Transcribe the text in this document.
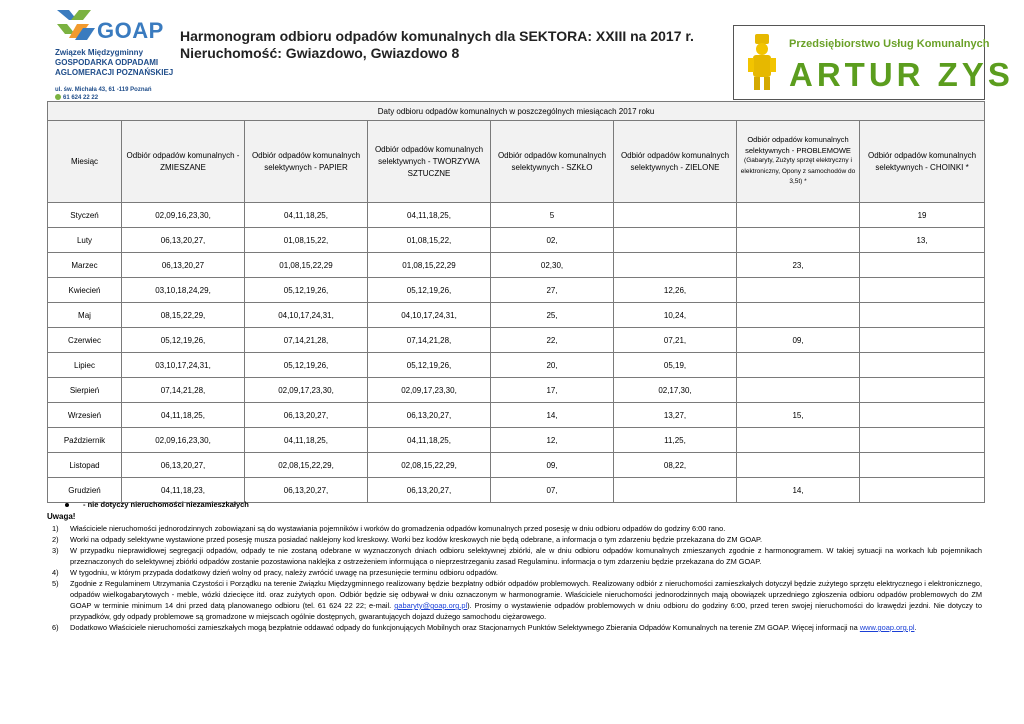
GOAP
Związek Międzygminny
GOSPODARKA ODPADAMI
AGLOMERACJI POZNAŃSKIEJ
ul. św. Michała 43, 61 -119 Poznań
61 624 22 22
Harmonogram odbioru odpadów komunalnych dla SEKTORA: XXIII na 2017 r.
Nieruchomość: Gwiazdowo, Gwiazdowo 8
Przedsiębiorstwo Usług Komunalnych
ARTUR ZYS
Daty odbioru odpadów komunalnych w poszczególnych miesiącach 2017 roku							
Miesiąc	Odbiór odpadów komunalnych - ZMIESZANE	Odbiór odpadów komunalnych selektywnych - PAPIER	Odbiór odpadów komunalnych selektywnych - TWORZYWA SZTUCZNE	Odbiór odpadów komunalnych selektywnych - SZKŁO	Odbiór odpadów komunalnych selektywnych - ZIELONE	Odbiór odpadów komunalnych selektywnych - PROBLEMOWE
(Gabaryty, Zużyty sprzęt elektryczny i elektroniczny, Opony z samochodów do 3,5t) *	Odbiór odpadów komunalnych selektywnych - CHOINKI *
Styczeń	02,09,16,23,30,	04,11,18,25,	04,11,18,25,	5			19
Luty	06,13,20,27,	01,08,15,22,	01,08,15,22,	02,			13,
Marzec	06,13,20,27	01,08,15,22,29	01,08,15,22,29	02,30,		23,	
Kwiecień	03,10,18,24,29,	05,12,19,26,	05,12,19,26,	27,	12,26,		
Maj	08,15,22,29,	04,10,17,24,31,	04,10,17,24,31,	25,	10,24,		
Czerwiec	05,12,19,26,	07,14,21,28,	07,14,21,28,	22,	07,21,	09,	
Lipiec	03,10,17,24,31,	05,12,19,26,	05,12,19,26,	20,	05,19,		
Sierpień	07,14,21,28,	02,09,17,23,30,	02,09,17,23,30,	17,	02,17,30,		
Wrzesień	04,11,18,25,	06,13,20,27,	06,13,20,27,	14,	13,27,	15,	
Październik	02,09,16,23,30,	04,11,18,25,	04,11,18,25,	12,	11,25,		
Listopad	06,13,20,27,	02,08,15,22,29,	02,08,15,22,29,	09,	08,22,		
Grudzień	04,11,18,23,	06,13,20,27,	06,13,20,27,	07,		14,	
- nie dotyczy nieruchomości niezamieszkałych
Uwaga!
1) Właściciele nieruchomości jednorodzinnych zobowiązani są do wystawiania pojemników i worków do gromadzenia odpadów komunalnych przed posesję w dniu odbioru odpadów do godziny 6:00 rano.
2) Worki na odpady selektywne wystawione przed posesję musza posiadać naklejony kod kreskowy. Worki bez kodów kreskowych nie będą odebrane, a informacja o tym zdarzeniu będzie przekazana do ZM GOAP.
3) W przypadku nieprawidłowej segregacji odpadów, odpady te nie zostaną odebrane w wyznaczonych dniach odbioru selektywnej zbiórki, ale w dniu odbioru odpadów komunalnych zmieszanych zgodnie z harmonogramem. W takiej sytuacji na workach lub pojemnikach przeznaczonych do selektywnej zbiórki odpadów zostanie pozostawiona naklejka z ostrzeżeniem informująca o nieprzestrzeganiu zasad Regulaminu. informacja o tym zdarzeniu będzie przekazana do ZM GOAP.
4) W tygodniu, w którym przypada dodatkowy dzień wolny od pracy, należy zwrócić uwagę na przesunięcie terminu odbioru odpadów.
5) Zgodnie z Regulaminem Utrzymania Czystości i Porządku na terenie Związku Międzygminnego realizowany będzie bezpłatny odbiór odpadów problemowych. Realizowany odbiór z nieruchomości zamieszkałych dotyczył będzie zużytego sprzętu elektrycznego i elektronicznego, odpadów wielkogabarytowych - meble, wózki dziecięce itd. oraz zużytych opon. Odbiór będzie się odbywał w dniu oznaczonym w harmonogramie. Właściciele nieruchomości jednorodzinnych mają obowiązek uprzedniego zgłoszenia odbioru odpadów problemowych do ZM GOAP w terminie minimum 14 dni przed datą planowanego odbioru (tel. 61 624 22 22; e-mail. gabaryty@goap.org.pl). Prosimy o wystawienie odpadów problemowych w dniu odbioru do godziny 6:00, przed teren swojej nieruchomości do krawędzi jezdni. Nie dotyczy to przypadków, gdy odpady problemowe są gromadzone w miejscach ogólnie dostępnych, gwarantujących dojazd dużego samochodu ciężarowego.
6) Dodatkowo Właściciele nieruchomości zamieszkałych mogą bezpłatnie oddawać odpady do funkcjonujących Mobilnych oraz Stacjonarnych Punktów Selektywnego Zbierania Odpadów Komunalnych na terenie ZM GOAP. Więcej informacji na www.goap.org.pl.
